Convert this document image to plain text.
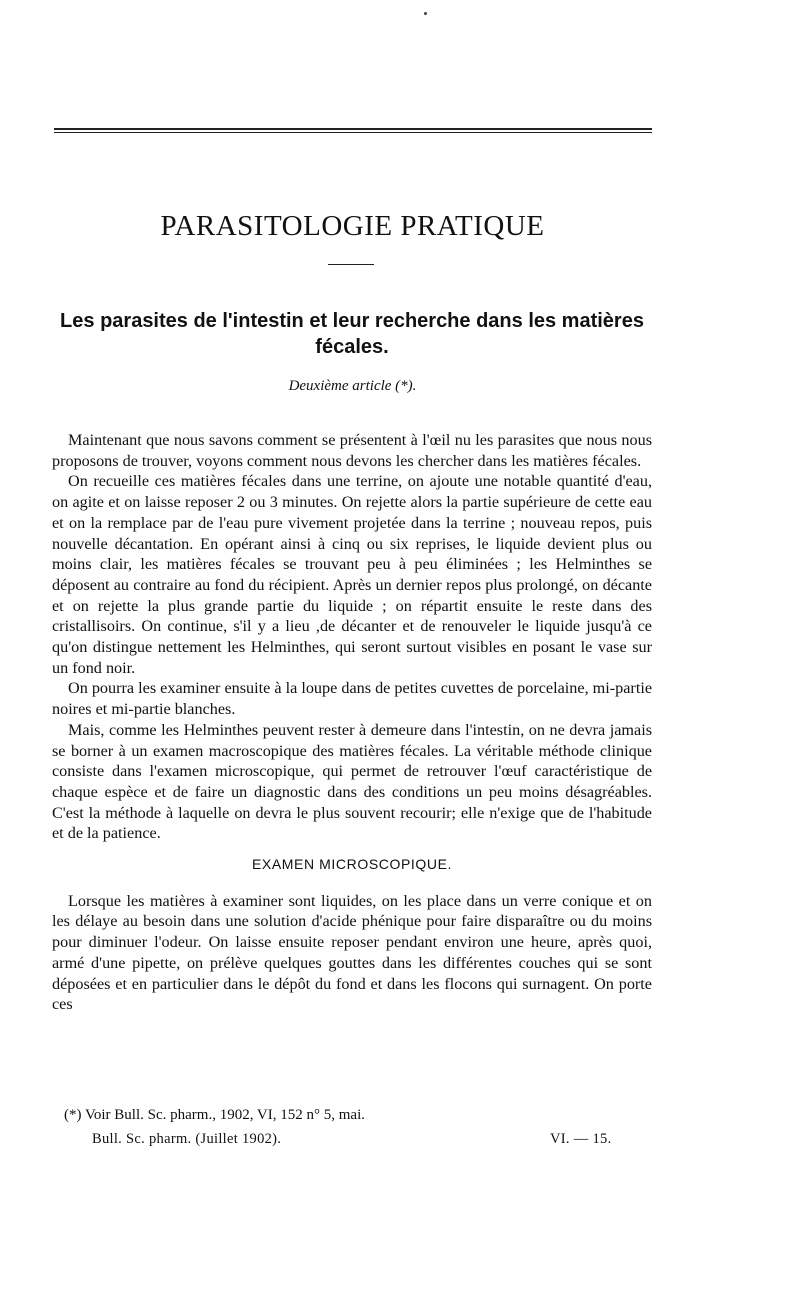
PARASITOLOGIE PRATIQUE
Les parasites de l'intestin et leur recherche dans les matières fécales.
Deuxième article (*).

Maintenant que nous savons comment se présentent à l'œil nu les parasites que nous nous proposons de trouver, voyons comment nous devons les chercher dans les matières fécales.

On recueille ces matières fécales dans une terrine, on ajoute une notable quantité d'eau, on agite et on laisse reposer 2 ou 3 minutes. On rejette alors la partie supérieure de cette eau et on la remplace par de l'eau pure vivement projetée dans la terrine ; nouveau repos, puis nouvelle décantation. En opérant ainsi à cinq ou six reprises, le liquide devient plus ou moins clair, les matières fécales se trouvant peu à peu éliminées ; les Helminthes se déposent au contraire au fond du récipient. Après un dernier repos plus prolongé, on décante et on rejette la plus grande partie du liquide ; on répartit ensuite le reste dans des cristallisoirs. On continue, s'il y a lieu ,de décanter et de renouveler le liquide jusqu'à ce qu'on distingue nettement les Helminthes, qui seront surtout visibles en posant le vase sur un fond noir.

On pourra les examiner ensuite à la loupe dans de petites cuvettes de porcelaine, mi-partie noires et mi-partie blanches.

Mais, comme les Helminthes peuvent rester à demeure dans l'intestin, on ne devra jamais se borner à un examen macroscopique des matières fécales. La véritable méthode clinique consiste dans l'examen microscopique, qui permet de retrouver l'œuf caractéristique de chaque espèce et de faire un diagnostic dans des conditions un peu moins désagréables. C'est la méthode à laquelle on devra le plus souvent recourir; elle n'exige que de l'habitude et de la patience.

EXAMEN MICROSCOPIQUE.

Lorsque les matières à examiner sont liquides, on les place dans un verre conique et on les délaye au besoin dans une solution d'acide phénique pour faire disparaître ou du moins pour diminuer l'odeur. On laisse ensuite reposer pendant environ une heure, après quoi, armé d'une pipette, on prélève quelques gouttes dans les différentes couches qui se sont déposées et en particulier dans le dépôt du fond et dans les flocons qui surnagent. On porte ces

(*) Voir Bull. Sc. pharm., 1902, VI, 152 n° 5, mai.
Bull. Sc. pharm. (Juillet 1902).	VI. — 15.
